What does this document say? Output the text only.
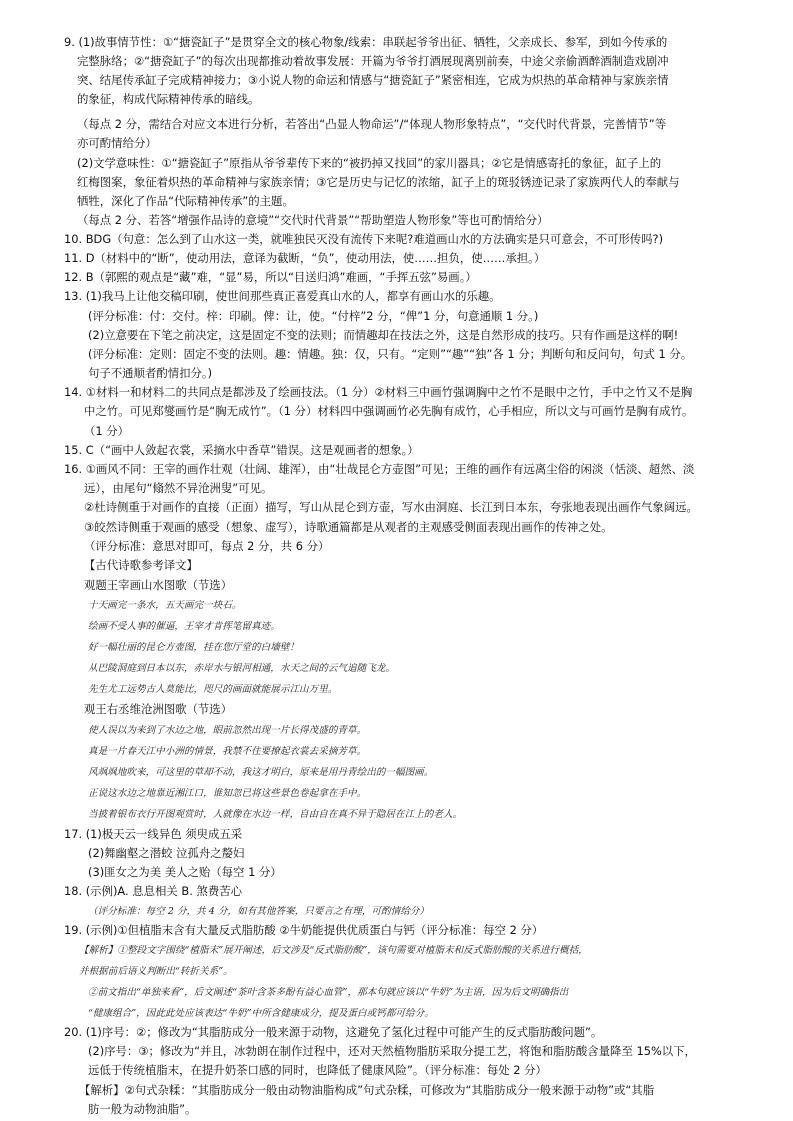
9. (1)故事情节性：①“搪瓷缸子”是贯穿全文的核心物象/线索：串联起爷爷出征、牺牲，父亲成长、参军，到如今传承的
完整脉络；②“搪瓷缸子”的每次出现都推动着故事发展：开篇为爷爷打酒展现离别前奏，中途父亲偷酒醉酒制造戏剧冲
突、结尾传承缸子完成精神接力；③小说人物的命运和情感与“搪瓷缸子”紧密相连，它成为炽热的革命精神与家族亲情
的象征，构成代际精神传承的暗线。
（每点 2 分，需结合对应文本进行分析，若答出“凸显人物命运”/“体现人物形象特点”，“交代时代背景，完善情节”等
亦可酌情给分）
(2)文学意味性：①“搪瓷缸子”原指从爷爷辈传下来的“被扔掉又找回”的家川器具；②它是情感寄托的象征，缸子上的
红梅图案，象征着炽热的革命精神与家族亲情；③它是历史与记忆的浓缩，缸子上的斑驳锈迹记录了家族两代人的奉献与
牺牲，深化了作品“代际精神传承”的主题。
（每点 2 分、若答“增强作品诗的意境”“交代时代背景”“帮助塑造人物形象”等也可酌情给分）
10. BDG（句意：怎么到了山水这一类，就唯独民灭没有流传下来呢?难道画山水的方法确实是只可意会，不可形传吗?)
11. D（材料中的“断”，使动用法，意译为截断，“负”，使动用法，使……担负，使……承担。）
12. B（郭熙的观点是“藏”难，“显”易，所以“目送归鸿”难画，“手挥五弦”易画。）
13. (1)我马上让他交稿印刷，使世间那些真正喜爱真山水的人，都享有画山水的乐趣。
(评分标准：付：交付。梓：印刷。俾：让，使。“付梓”2 分，“俾”1 分，句意通顺 1 分。)
(2)立意要在下笔之前决定，这是固定不变的法则；而情趣却在技法之外，这是自然形成的技巧。只有作画是这样的啊!
(评分标准：定则：固定不变的法则。趣：情趣。独：仅，只有。“定则”“趣”“独”各 1 分；判断句和反问句，句式 1 分。
句子不通顺者酌情扣分。)
14. ①材料一和材料二的共同点是都涉及了绘画技法。（1 分）②材料三中画竹强调胸中之竹不是眼中之竹，手中之竹又不是胸
中之竹。可见郑燮画竹是“胸无成竹”。（1 分）材料四中强调画竹必先胸有成竹，心手相应，所以文与可画竹是胸有成竹。
（1 分）
15. C（“画中人敛起衣裳，采摘水中香草”错误。这是观画者的想象。）
16. ①画风不同：王宰的画作壮观（壮阔、雄浑），由“壮哉昆仑方壶图”可见；王维的画作有远离尘俗的闲淡（恬淡、超然、淡
远），由尾句“翛然不异沧洲叟”可见。
②杜诗侧重于对画作的直接（正面）描写，写山从昆仑到方壶，写水由洞庭、长江到日本东，夸张地表现出画作气象阔远。
③皎然诗侧重于观画的感受（想象、虚写），诗歌通篇都是从观者的主观感受侧面表现出画作的传神之处。
（评分标准：意思对即可，每点 2 分，共 6 分）
【古代诗歌参考译文】
观题王宰画山水图歌（节选）
十天画完一条水，五天画完一块石。
绘画不受人事的催逼，王宰才肯挥笔留真迹。
好一幅壮丽的昆仑方壶图，挂在您厅堂的白墙壁！
从巴陵洞庭到日本以东，赤岸水与银河相通，水天之间的云气追随飞龙。
先生尤工远势古人莫能比，咫尺的画面就能展示江山万里。
观王右丞维沧洲图歌（节选）
使人误以为来到了水边之地，眼前忽然出现一片长得茂盛的青草。
真是一片春天江中小洲的情景，我禁不住要撩起衣裳去采摘芳草。
风飒飒地吹来，可这里的草却不动，我这才明白，原来是用丹青绘出的一幅图画。
正说这水边之地靠近湘江口，谁知忽已将这些景色卷起拿在手中。
当披着银布衣行开图观赏时，人就像在水边一样，自由自在真不异于隐居在江上的老人。
17. (1)极天云一线异色 须臾成五采
(2)舞幽壑之潜蛟 泣孤舟之嫠妇
(3)匪女之为美 美人之贻（每空 1 分）
18. (示例)A. 息息相关 B. 煞费苦心
（评分标准：每空 2 分，共 4 分，如有其他答案，只要言之有理，可酌情给分）
19. (示例)①但植脂末含有大量反式脂肪酸 ②牛奶能提供优质蛋白与钙（评分标准：每空 2 分）
【解析】①整段文字围绕“植脂末”展开阐述，后文涉及“反式脂肪酸”，该句需要对植脂末和反式脂肪酸的关系进行概括，
并根据前后语义判断出“转折关系”。
②前文指出“单独来看”，后文阐述“茶叶含茶多酚有益心血管”，那本句就应该以“牛奶”为主语，因为后文明确指出
“健康组合”，因此此处应该表达“牛奶”中所含健康成分，提及蛋白或钙都可给分。
20. (1)序号：②；修改为“其脂肪成分一般来源于动物，这避免了氢化过程中可能产生的反式脂肪酸问题”。
(2)序号：③；修改为“并且，冰勃朗在制作过程中，还对天然植物脂肪采取分提工艺，将饱和脂肪酸含量降至 15%以下，
远低于传统植脂末，在提升奶茶口感的同时，也降低了健康风险”。（评分标准：每处 2 分）
【解析】②句式杂糅：“其脂肪成分一般由动物油脂构成”句式杂糅，可修改为“其脂肪成分一般来源于动物”或“其脂
肪一般为动物油脂”。
